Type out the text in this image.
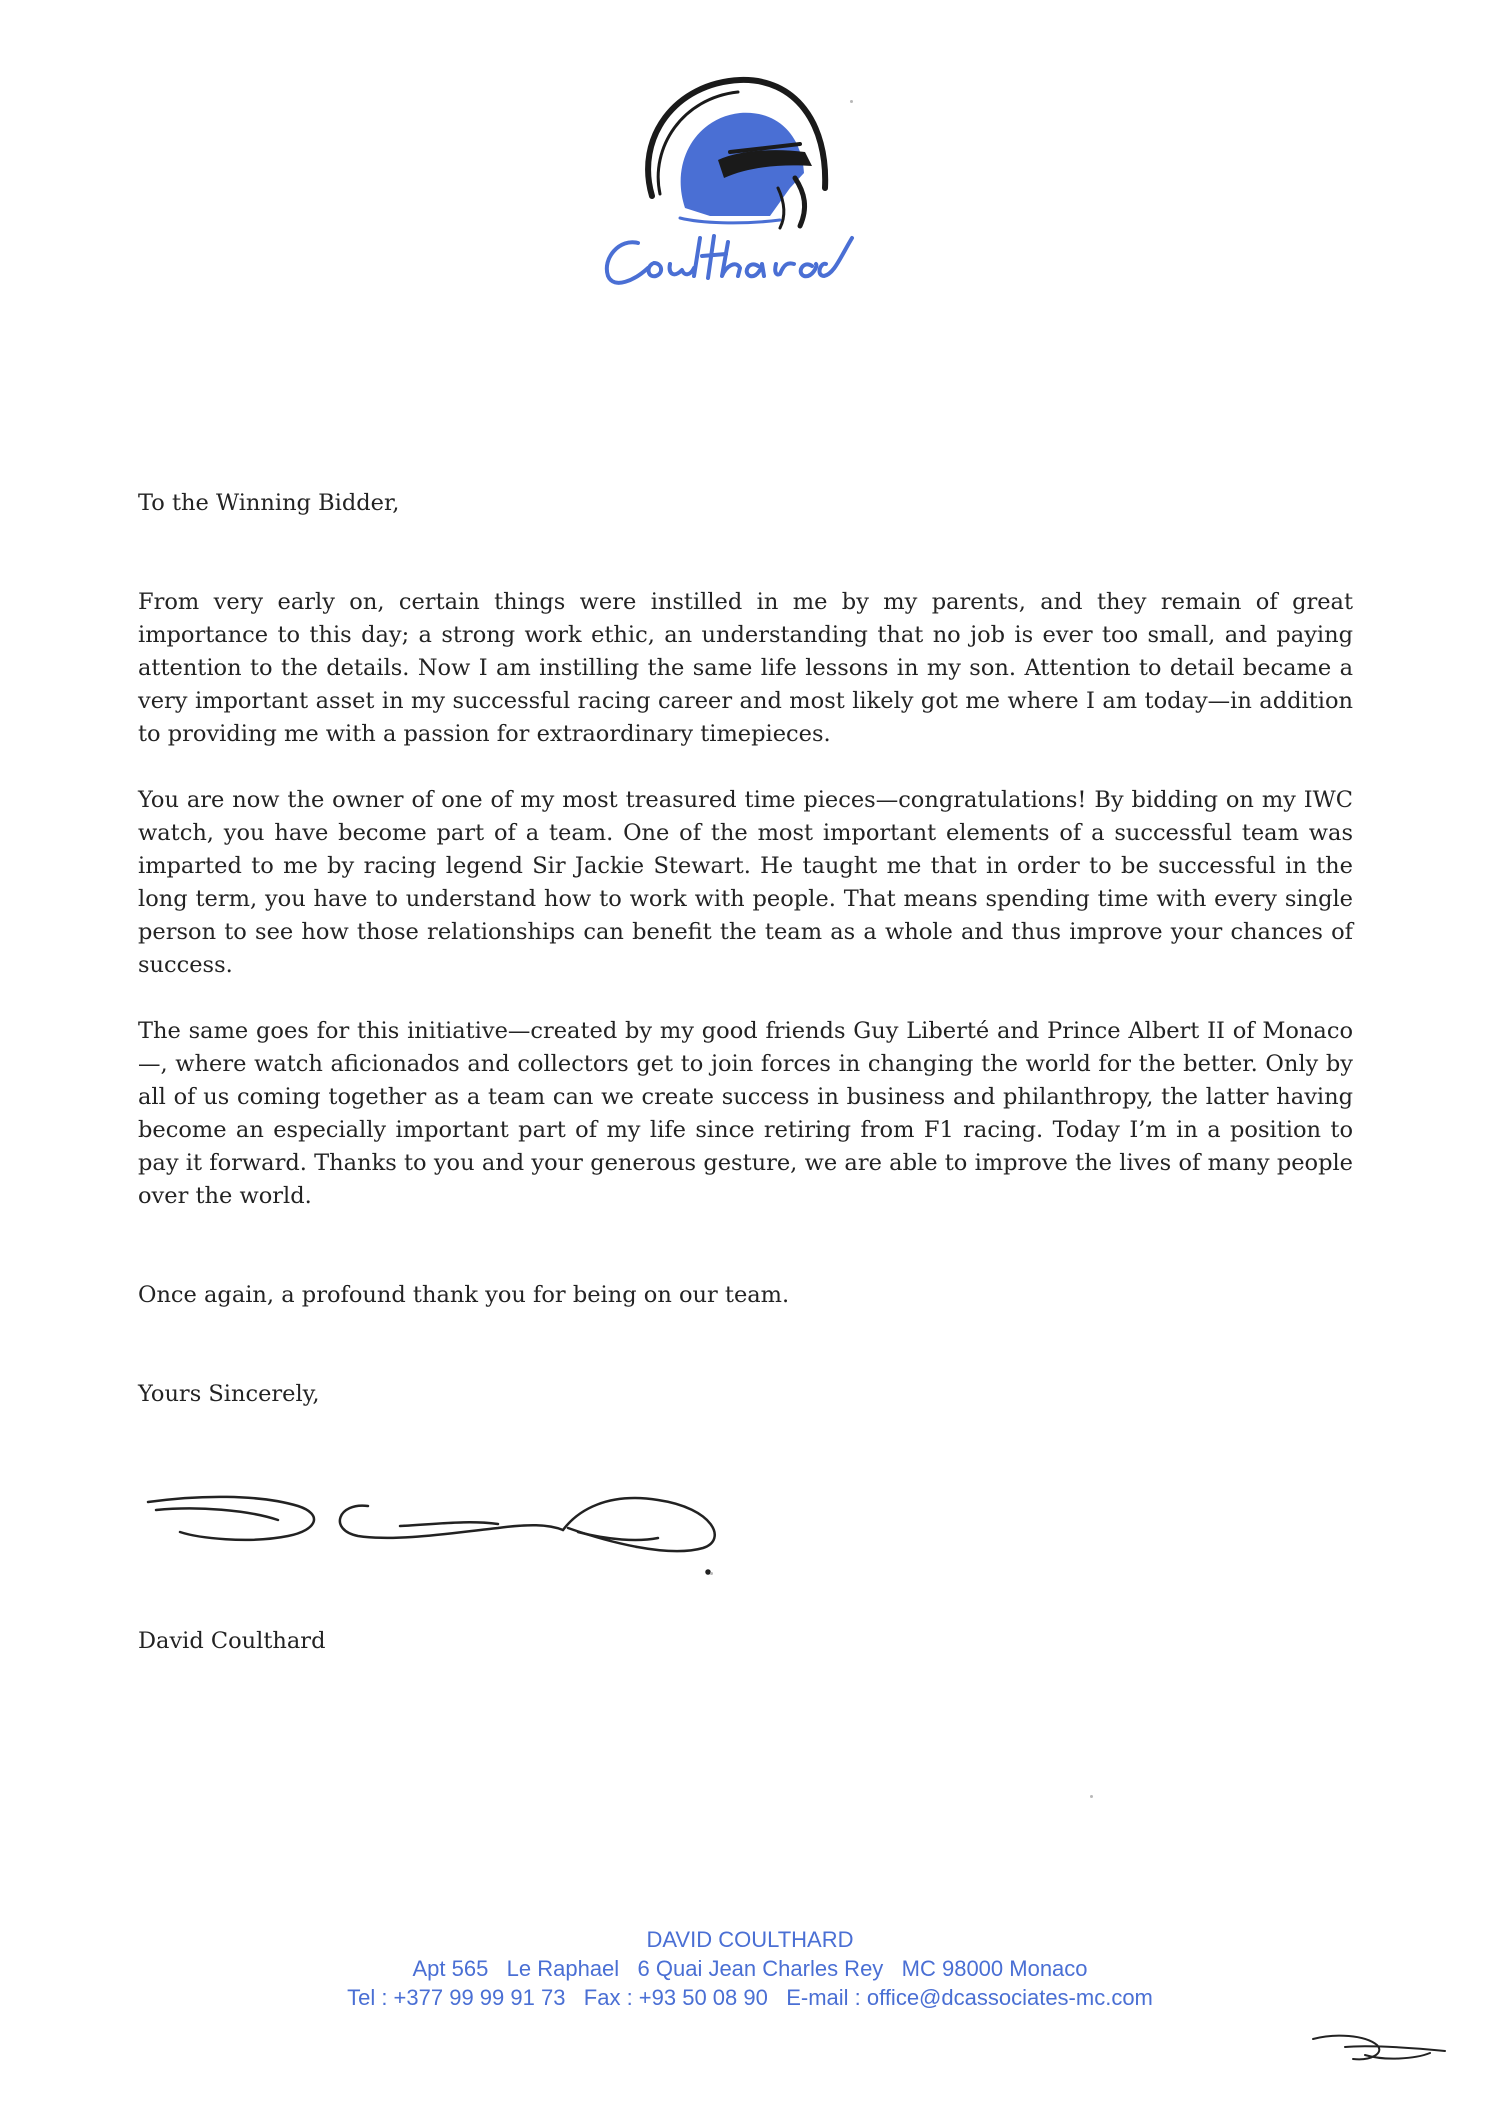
To the Winning Bidder,

From very early on, certain things were instilled in me by my parents, and they remain of great importance to this day; a strong work ethic, an understanding that no job is ever too small, and paying attention to the details. Now I am instilling the same life lessons in my son. Attention to detail became a very important asset in my successful racing career and most likely got me where I am today—in addition to providing me with a passion for extraordinary timepieces.

You are now the owner of one of my most treasured time pieces—congratulations! By bidding on my IWC watch, you have become part of a team. One of the most important elements of a successful team was imparted to me by racing legend Sir Jackie Stewart. He taught me that in order to be successful in the long term, you have to understand how to work with people. That means spending time with every single person to see how those relationships can benefit the team as a whole and thus improve your chances of success.

The same goes for this initiative—created by my good friends Guy Liberté and Prince Albert II of Monaco—, where watch aficionados and collectors get to join forces in changing the world for the better. Only by all of us coming together as a team can we create success in business and philanthropy, the latter having become an especially important part of my life since retiring from F1 racing. Today I’m in a position to pay it forward. Thanks to you and your generous gesture, we are able to improve the lives of many people over the world.

Once again, a profound thank you for being on our team.

Yours Sincerely,

David Coulthard
DAVID COULTHARD
Apt 565   Le Raphael   6 Quai Jean Charles Rey   MC 98000 Monaco
Tel : +377 99 99 91 73   Fax : +93 50 08 90   E-mail : office@dcassociates-mc.com
